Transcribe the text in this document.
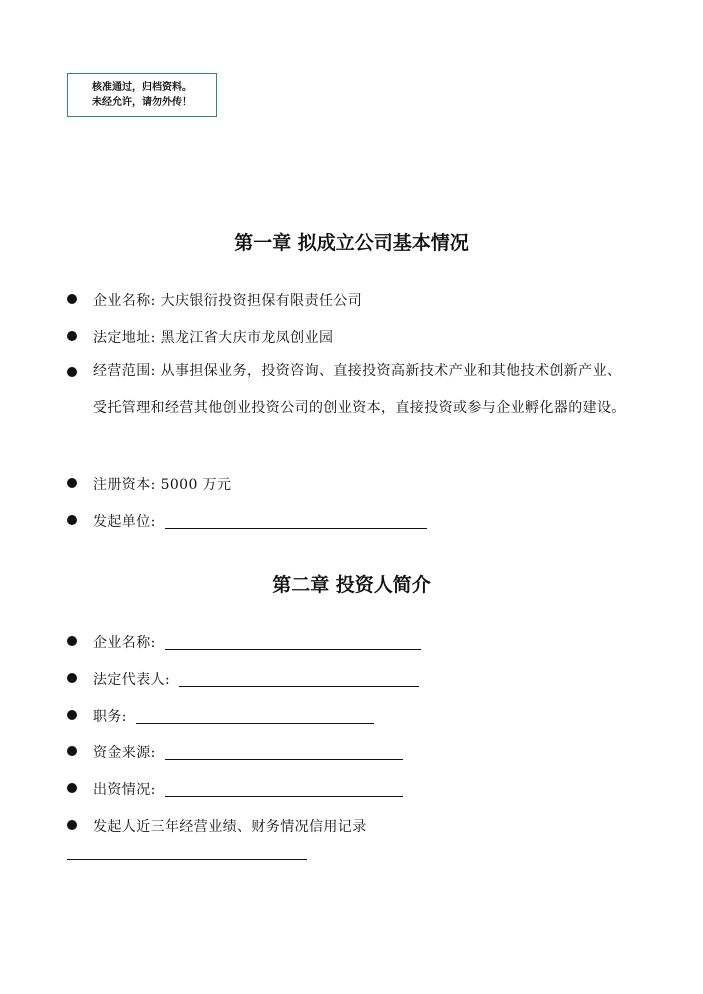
核准通过，归档资料。
未经允许，请勿外传！
第一章 拟成立公司基本情况
企业名称: 大庆银衍投资担保有限责任公司
法定地址: 黑龙江省大庆市龙凤创业园
经营范围: 从事担保业务，投资咨询、直接投资高新技术产业和其他技术创新产业、受托管理和经营其他创业投资公司的创业资本，直接投资或参与企业孵化器的建设。
注册资本: 5000 万元
发起单位:
第二章 投资人简介
企业名称:
法定代表人:
职务:
资金来源:
出资情况:
发起人近三年经营业绩、财务情况信用记录
